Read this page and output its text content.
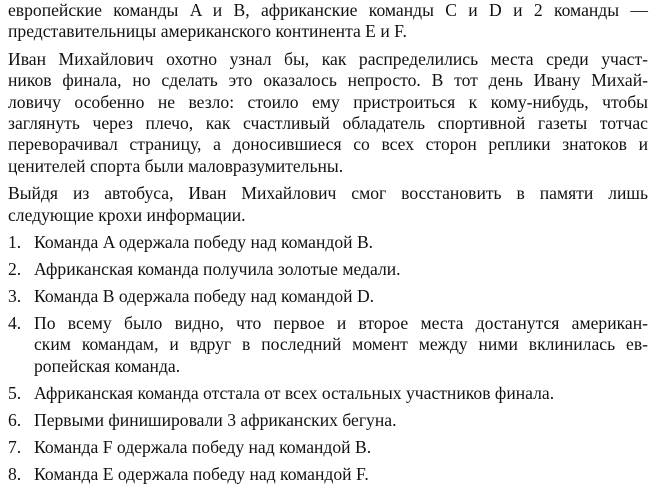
европейские команды A и B, африканские команды C и D и 2 команды —
представительницы американского континента E и F.

Иван Михайлович охотно узнал бы, как распределились места среди участ-
ников финала, но сделать это оказалось непросто. В тот день Ивану Михай-
ловичу особенно не везло: стоило ему пристроиться к кому-нибудь, чтобы
заглянуть через плечо, как счастливый обладатель спортивной газеты тотчас
переворачивал страницу, а доносившиеся со всех сторон реплики знатоков и
ценителей спорта были маловразумительны.

Выйдя из автобуса, Иван Михайлович смог восстановить в памяти лишь
следующие крохи информации.

1. Команда A одержала победу над командой B.
2. Африканская команда получила золотые медали.
3. Команда B одержала победу над командой D.
4. По всему было видно, что первое и второе места достанутся американ-
ским командам, и вдруг в последний момент между ними вклинилась ев-
ропейская команда.
5. Африканская команда отстала от всех остальных участников финала.
6. Первыми финишировали 3 африканских бегуна.
7. Команда F одержала победу над командой B.
8. Команда E одержала победу над командой F.
